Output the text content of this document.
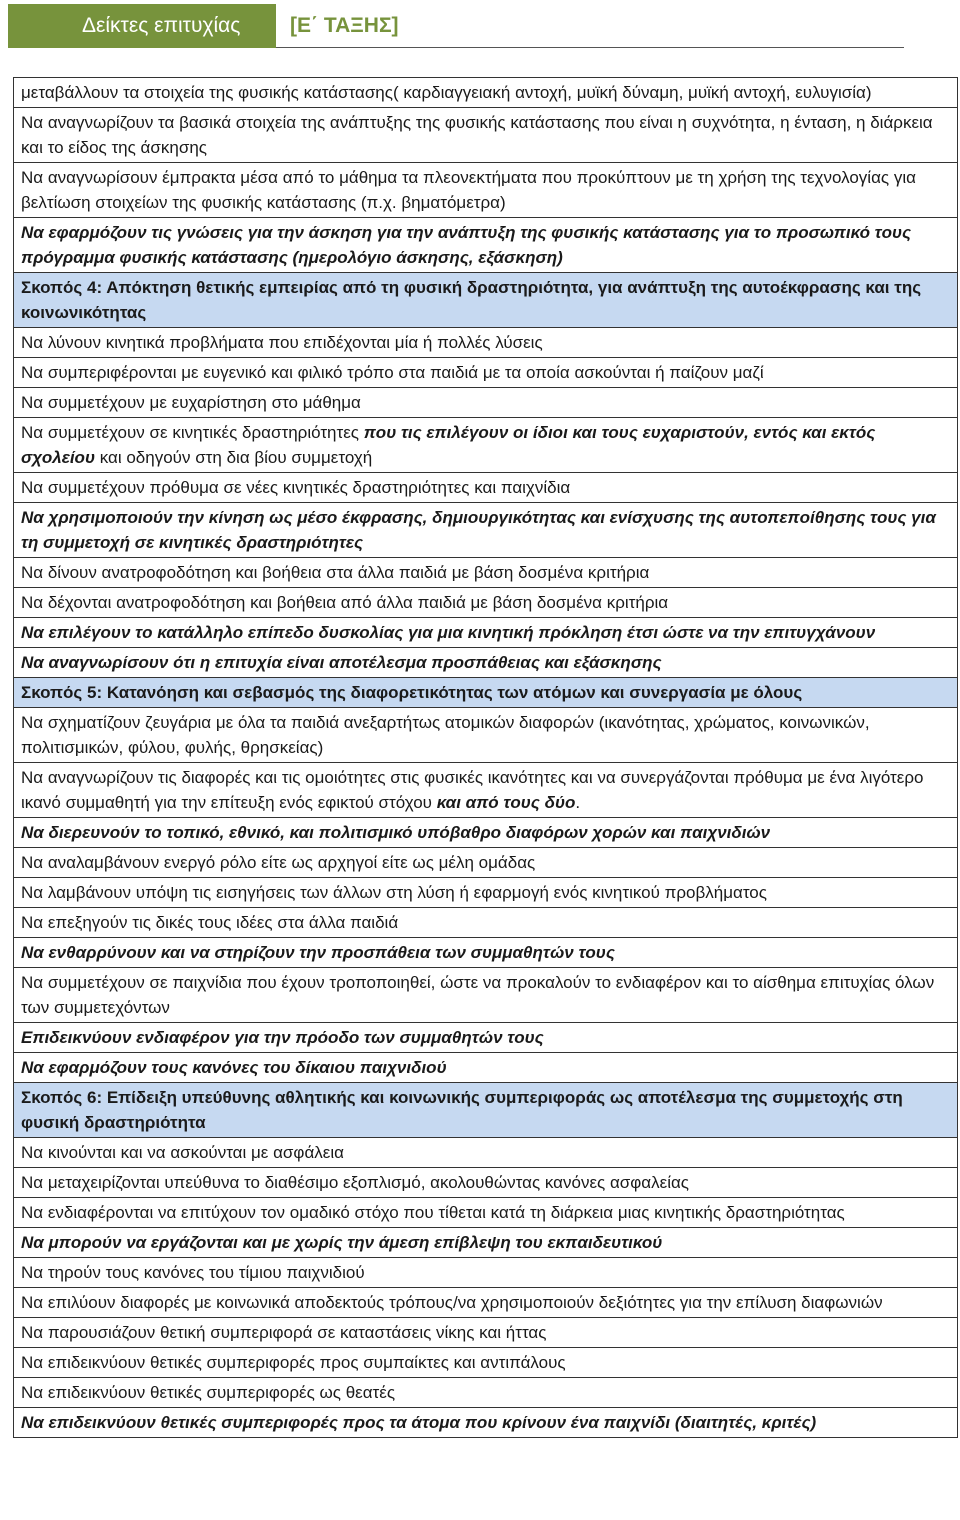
Δείκτες επιτυχίας	[Ε΄ ΤΑΞΗΣ]
μεταβάλλουν τα στοιχεία της φυσικής κατάστασης( καρδιαγγειακή αντοχή, μυϊκή δύναμη, μυϊκή αντοχή, ευλυγισία)
Να αναγνωρίζουν τα βασικά στοιχεία της ανάπτυξης της φυσικής κατάστασης που είναι η συχνότητα, η ένταση, η διάρκεια και το είδος της άσκησης
Να αναγνωρίσουν έμπρακτα μέσα από το μάθημα τα πλεονεκτήματα που προκύπτουν με τη χρήση της τεχνολογίας για βελτίωση στοιχείων της φυσικής κατάστασης (π.χ. βηματόμετρα)
Να εφαρμόζουν τις γνώσεις για την άσκηση για την ανάπτυξη της φυσικής κατάστασης για το προσωπικό τους πρόγραμμα φυσικής κατάστασης (ημερολόγιο άσκησης, εξάσκηση)
Σκοπός 4: Απόκτηση θετικής εμπειρίας από τη φυσική δραστηριότητα, για ανάπτυξη της αυτοέκφρασης και της κοινωνικότητας
Να λύνουν κινητικά προβλήματα που επιδέχονται μία ή πολλές λύσεις
Να συμπεριφέρονται με ευγενικό και φιλικό τρόπο στα παιδιά με τα οποία ασκούνται ή παίζουν μαζί
Να συμμετέχουν με ευχαρίστηση στο μάθημα
Να συμμετέχουν σε κινητικές δραστηριότητες που τις επιλέγουν οι ίδιοι και τους ευχαριστούν, εντός και εκτός σχολείου και οδηγούν στη δια βίου συμμετοχή
Να συμμετέχουν πρόθυμα σε νέες κινητικές δραστηριότητες και παιχνίδια
Να χρησιμοποιούν την κίνηση ως μέσο έκφρασης, δημιουργικότητας και ενίσχυσης της αυτοπεποίθησης τους για τη συμμετοχή σε κινητικές δραστηριότητες
Να δίνουν ανατροφοδότηση και βοήθεια στα άλλα παιδιά με βάση δοσμένα κριτήρια
Να δέχονται ανατροφοδότηση και βοήθεια από άλλα παιδιά με βάση δοσμένα κριτήρια
Να επιλέγουν το κατάλληλο επίπεδο δυσκολίας για μια κινητική πρόκληση έτσι ώστε να την επιτυγχάνουν
Να αναγνωρίσουν ότι η επιτυχία είναι αποτέλεσμα προσπάθειας και εξάσκησης
Σκοπός 5: Κατανόηση και σεβασμός της διαφορετικότητας των ατόμων και συνεργασία με όλους
Να σχηματίζουν ζευγάρια με όλα τα παιδιά ανεξαρτήτως ατομικών διαφορών (ικανότητας, χρώματος, κοινωνικών, πολιτισμικών, φύλου, φυλής, θρησκείας)
Να αναγνωρίζουν τις διαφορές και τις ομοιότητες στις φυσικές ικανότητες και να συνεργάζονται πρόθυμα με ένα λιγότερο ικανό συμμαθητή για την επίτευξη ενός εφικτού στόχου και από τους δύο.
Να διερευνούν το τοπικό, εθνικό, και πολιτισμικό υπόβαθρο διαφόρων χορών και παιχνιδιών
Να αναλαμβάνουν ενεργό ρόλο είτε ως αρχηγοί είτε ως μέλη ομάδας
Να λαμβάνουν υπόψη τις εισηγήσεις των άλλων στη λύση ή εφαρμογή ενός κινητικού προβλήματος
Να επεξηγούν τις δικές τους ιδέες στα άλλα παιδιά
Να ενθαρρύνουν και να στηρίζουν την προσπάθεια των συμμαθητών τους
Να συμμετέχουν σε παιχνίδια που έχουν τροποποιηθεί, ώστε να προκαλούν το ενδιαφέρον και το αίσθημα επιτυχίας όλων των συμμετεχόντων
Επιδεικνύουν ενδιαφέρον για την πρόοδο των συμμαθητών τους
Να εφαρμόζουν τους κανόνες του δίκαιου παιχνιδιού
Σκοπός 6: Επίδειξη υπεύθυνης αθλητικής και κοινωνικής συμπεριφοράς ως αποτέλεσμα της συμμετοχής στη φυσική δραστηριότητα
Να κινούνται και να ασκούνται με ασφάλεια
Να μεταχειρίζονται υπεύθυνα το διαθέσιμο εξοπλισμό, ακολουθώντας κανόνες ασφαλείας
Να ενδιαφέρονται να επιτύχουν τον ομαδικό στόχο που τίθεται κατά τη διάρκεια μιας κινητικής δραστηριότητας
Να μπορούν να εργάζονται και με χωρίς την άμεση επίβλεψη του εκπαιδευτικού
Να τηρούν τους κανόνες του τίμιου παιχνιδιού
Να επιλύουν διαφορές με κοινωνικά αποδεκτούς τρόπους/να χρησιμοποιούν δεξιότητες για την επίλυση διαφωνιών
Να παρουσιάζουν θετική συμπεριφορά σε καταστάσεις νίκης και ήττας
Να επιδεικνύουν θετικές συμπεριφορές προς συμπαίκτες και αντιπάλους
Να επιδεικνύουν θετικές συμπεριφορές ως θεατές
Να επιδεικνύουν θετικές συμπεριφορές προς τα άτομα που κρίνουν ένα παιχνίδι (διαιτητές, κριτές)
